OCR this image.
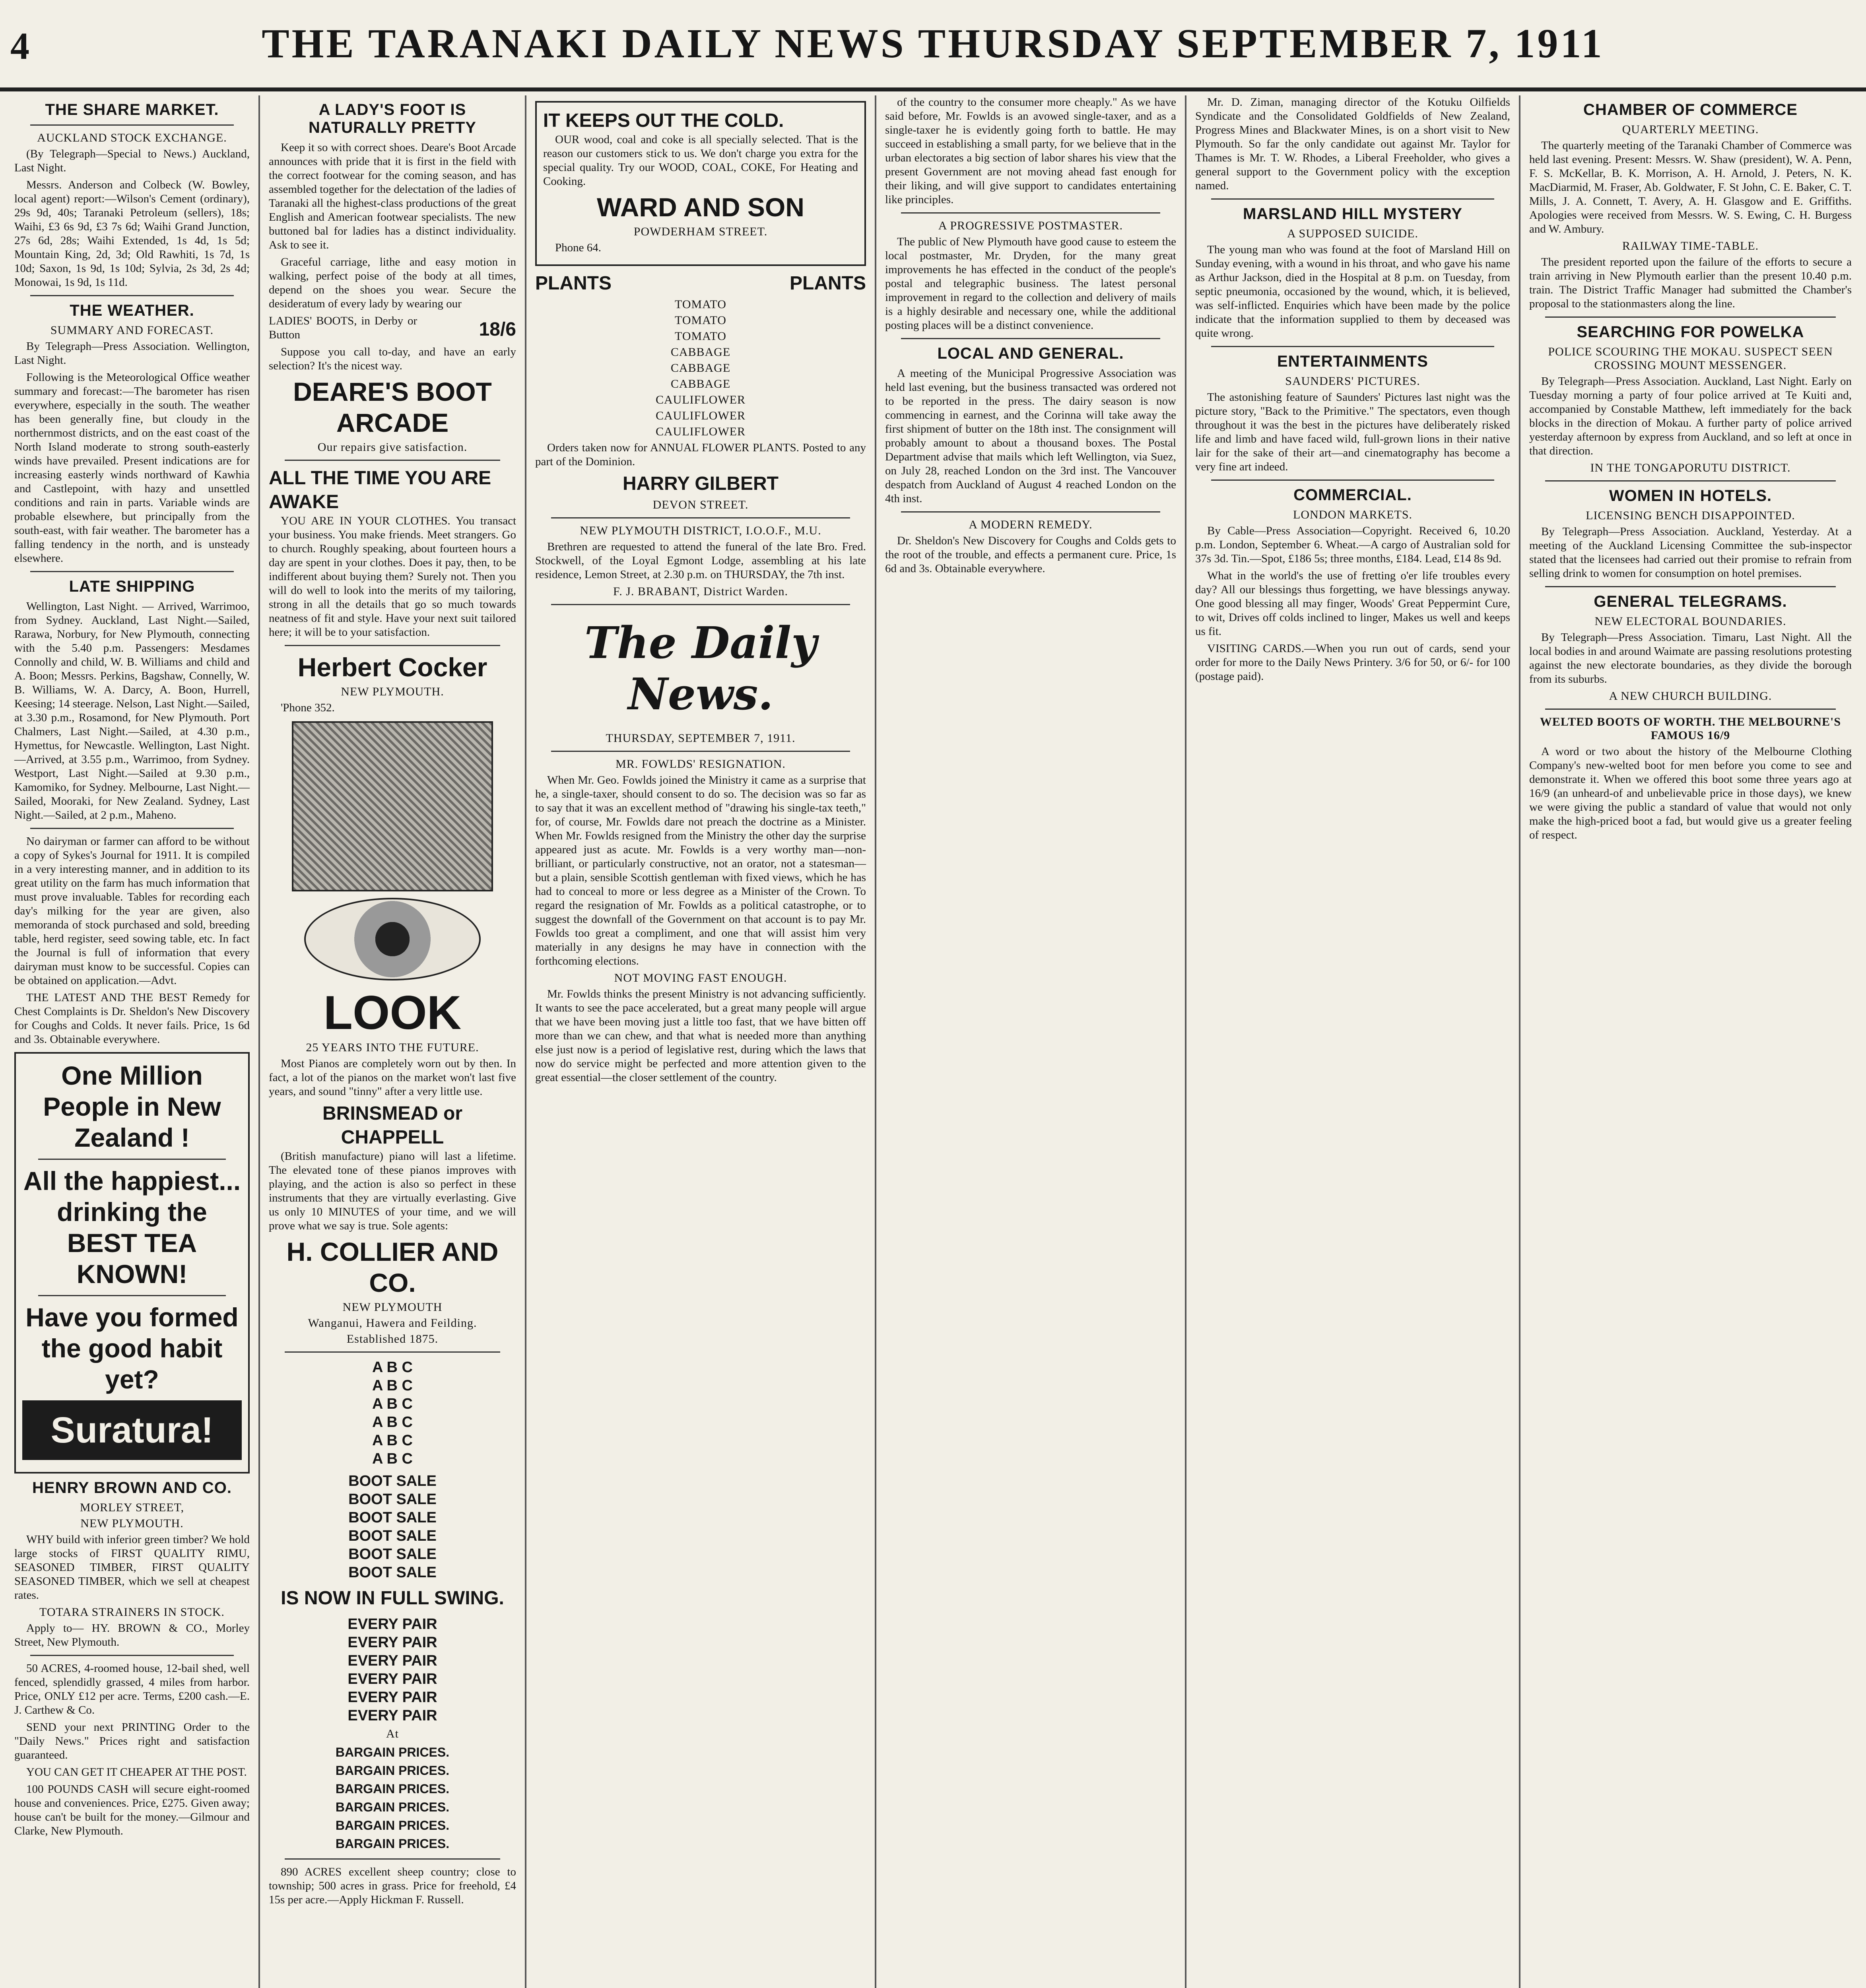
4	THE TARANAKI DAILY NEWS THURSDAY SEPTEMBER 7, 1911
THE SHARE MARKET.
AUCKLAND STOCK EXCHANGE.
(By Telegraph—Special to News.) Auckland, Last Night.
Messrs. Anderson and Colbeck (W. Bowley, local agent) report:—Wilson's Cement (ordinary), 29s 9d, 40s; Taranaki Petroleum (sellers), 18s; Waihi, £3 6s 9d, £3 7s 6d; Waihi Grand Junction, 27s 6d, 28s; Waihi Extended, 1s 4d, 1s 5d; Mountain King, 2d, 3d; Old Rawhiti, 1s 7d, 1s 10d; Saxon, 1s 9d, 1s 10d; Sylvia, 2s 3d, 2s 4d; Monowai, 1s 9d, 1s 11d.
THE WEATHER.
SUMMARY AND FORECAST.
By Telegraph—Press Association. Wellington, Last Night.
Following is the Meteorological Office weather summary and forecast:—The barometer has risen everywhere, especially in the south. The weather has been generally fine, but cloudy in the northernmost districts, and on the east coast of the North Island moderate to strong south-easterly winds have prevailed. Present indications are for increasing easterly winds northward of Kawhia and Castlepoint, with hazy and unsettled conditions and rain in parts. Variable winds are probable elsewhere, but principally from the south-east, with fair weather. The barometer has a falling tendency in the north, and is unsteady elsewhere.
LATE SHIPPING
Wellington, Last Night. — Arrived, Warrimoo, from Sydney. Auckland, Last Night.—Sailed, Rarawa, Norbury, for New Plymouth, connecting with the 5.40 p.m. Passengers: Mesdames Connolly and child, W. B. Williams and child and A. Boon; Messrs. Perkins, Bagshaw, Connelly, W. B. Williams, W. A. Darcy, A. Boon, Hurrell, Keesing; 14 steerage. Nelson, Last Night.—Sailed, at 3.30 p.m., Rosamond, for New Plymouth. Port Chalmers, Last Night.—Sailed, at 4.30 p.m., Hymettus, for Newcastle. Wellington, Last Night.—Arrived, at 3.55 p.m., Warrimoo, from Sydney. Westport, Last Night.—Sailed at 9.30 p.m., Kamomiko, for Sydney. Melbourne, Last Night.—Sailed, Mooraki, for New Zealand. Sydney, Last Night.—Sailed, at 2 p.m., Maheno.
No dairyman or farmer can afford to be without a copy of Sykes's Journal for 1911. It is compiled in a very interesting manner, and in addition to its great utility on the farm has much information that must prove invaluable. Tables for recording each day's milking for the year are given, also memoranda of stock purchased and sold, breeding table, herd register, seed sowing table, etc. In fact the Journal is full of information that every dairyman must know to be successful. Copies can be obtained on application.—Advt.
THE LATEST AND THE BEST Remedy for Chest Complaints is Dr. Sheldon's New Discovery for Coughs and Colds. It never fails. Price, 1s 6d and 3s. Obtainable everywhere.
One Million People in New Zealand !
All the happiest... drinking the BEST TEA KNOWN!
Have you formed the good habit yet?
Suratura!
HENRY BROWN AND CO.
MORLEY STREET,
NEW PLYMOUTH.
WHY build with inferior green timber? We hold large stocks of FIRST QUALITY RIMU, SEASONED TIMBER, FIRST QUALITY SEASONED TIMBER, which we sell at cheapest rates.
TOTARA STRAINERS IN STOCK.
Apply to— HY. BROWN & CO., Morley Street, New Plymouth.
50 ACRES, 4-roomed house, 12-bail shed, well fenced, splendidly grassed, 4 miles from harbor. Price, ONLY £12 per acre. Terms, £200 cash.—E. J. Carthew & Co.
SEND your next PRINTING Order to the "Daily News." Prices right and satisfaction guaranteed.
YOU CAN GET IT CHEAPER AT THE POST.
100 POUNDS CASH will secure eight-roomed house and conveniences. Price, £275. Given away; house can't be built for the money.—Gilmour and Clarke, New Plymouth.
A LADY'S FOOT IS NATURALLY PRETTY
Keep it so with correct shoes. Deare's Boot Arcade announces with pride that it is first in the field with the correct footwear for the coming season, and has assembled together for the delectation of the ladies of Taranaki all the highest-class productions of the great English and American footwear specialists. The new buttoned bal for ladies has a distinct individuality. Ask to see it.
Graceful carriage, lithe and easy motion in walking, perfect poise of the body at all times, depend on the shoes you wear. Secure the desideratum of every lady by wearing our
LADIES' BOOTS, in Derby or Button	18/6
Suppose you call to-day, and have an early selection? It's the nicest way.
DEARE'S BOOT ARCADE
Our repairs give satisfaction.
ALL THE TIME YOU ARE AWAKE
YOU ARE IN YOUR CLOTHES. You transact your business. You make friends. Meet strangers. Go to church. Roughly speaking, about fourteen hours a day are spent in your clothes. Does it pay, then, to be indifferent about buying them? Surely not. Then you will do well to look into the merits of my tailoring, strong in all the details that go so much towards neatness of fit and style. Have your next suit tailored here; it will be to your satisfaction.
Herbert Cocker
NEW PLYMOUTH.
'Phone 352.
LOOK
25 YEARS INTO THE FUTURE.
Most Pianos are completely worn out by then. In fact, a lot of the pianos on the market won't last five years, and sound "tinny" after a very little use.
BRINSMEAD or CHAPPELL
(British manufacture) piano will last a lifetime. The elevated tone of these pianos improves with playing, and the action is also so perfect in these instruments that they are virtually everlasting. Give us only 10 MINUTES of your time, and we will prove what we say is true. Sole agents:
H. COLLIER AND CO.
NEW PLYMOUTH
Wanganui, Hawera and Feilding.
Established 1875.
A B C
A B C
A B C
A B C
A B C
A B C
BOOT SALE
BOOT SALE
BOOT SALE
BOOT SALE
BOOT SALE
BOOT SALE
IS NOW IN FULL SWING.
EVERY PAIR
EVERY PAIR
EVERY PAIR
EVERY PAIR
EVERY PAIR
EVERY PAIR
At
BARGAIN PRICES.
BARGAIN PRICES.
BARGAIN PRICES.
BARGAIN PRICES.
BARGAIN PRICES.
BARGAIN PRICES.
890 ACRES excellent sheep country; close to township; 500 acres in grass. Price for freehold, £4 15s per acre.—Apply Hickman F. Russell.
IT KEEPS OUT THE COLD.
OUR wood, coal and coke is all specially selected. That is the reason our customers stick to us. We don't charge you extra for the special quality. Try our WOOD, COAL, COKE, For Heating and Cooking.
WARD AND SON
POWDERHAM STREET.
Phone 64.
PLANTS	PLANTS
TOMATO
TOMATO
TOMATO
CABBAGE
CABBAGE
CABBAGE
CAULIFLOWER
CAULIFLOWER
CAULIFLOWER
Orders taken now for ANNUAL FLOWER PLANTS. Posted to any part of the Dominion.
HARRY GILBERT
DEVON STREET.
NEW PLYMOUTH DISTRICT, I.O.O.F., M.U.
Brethren are requested to attend the funeral of the late Bro. Fred. Stockwell, of the Loyal Egmont Lodge, assembling at his late residence, Lemon Street, at 2.30 p.m. on THURSDAY, the 7th inst.
F. J. BRABANT, District Warden.
The Daily News.
THURSDAY, SEPTEMBER 7, 1911.
MR. FOWLDS' RESIGNATION.
When Mr. Geo. Fowlds joined the Ministry it came as a surprise that he, a single-taxer, should consent to do so. The decision was so far as to say that it was an excellent method of "drawing his single-tax teeth," for, of course, Mr. Fowlds dare not preach the doctrine as a Minister. When Mr. Fowlds resigned from the Ministry the other day the surprise appeared just as acute. Mr. Fowlds is a very worthy man—non-brilliant, or particularly constructive, not an orator, not a statesman—but a plain, sensible Scottish gentleman with fixed views, which he has had to conceal to more or less degree as a Minister of the Crown. To regard the resignation of Mr. Fowlds as a political catastrophe, or to suggest the downfall of the Government on that account is to pay Mr. Fowlds too great a compliment, and one that will assist him very materially in any designs he may have in connection with the forthcoming elections.
NOT MOVING FAST ENOUGH.
Mr. Fowlds thinks the present Ministry is not advancing sufficiently. It wants to see the pace accelerated, but a great many people will argue that we have been moving just a little too fast, that we have bitten off more than we can chew, and that what is needed more than anything else just now is a period of legislative rest, during which the laws that now do service might be perfected and more attention given to the great essential—the closer settlement of the country.
of the country to the consumer more cheaply." As we have said before, Mr. Fowlds is an avowed single-taxer, and as a single-taxer he is evidently going forth to battle. He may succeed in establishing a small party, for we believe that in the urban electorates a big section of labor shares his view that the present Government are not moving ahead fast enough for their liking, and will give support to candidates entertaining like principles.
A PROGRESSIVE POSTMASTER.
The public of New Plymouth have good cause to esteem the local postmaster, Mr. Dryden, for the many great improvements he has effected in the conduct of the people's postal and telegraphic business. The latest personal improvement in regard to the collection and delivery of mails is a highly desirable and necessary one, while the additional posting places will be a distinct convenience.
LOCAL AND GENERAL.
A meeting of the Municipal Progressive Association was held last evening, but the business transacted was ordered not to be reported in the press. The dairy season is now commencing in earnest, and the Corinna will take away the first shipment of butter on the 18th inst. The consignment will probably amount to about a thousand boxes. The Postal Department advise that mails which left Wellington, via Suez, on July 28, reached London on the 3rd inst. The Vancouver despatch from Auckland of August 4 reached London on the 4th inst.
A MODERN REMEDY.
Dr. Sheldon's New Discovery for Coughs and Colds gets to the root of the trouble, and effects a permanent cure. Price, 1s 6d and 3s. Obtainable everywhere.
Mr. D. Ziman, managing director of the Kotuku Oilfields Syndicate and the Consolidated Goldfields of New Zealand, Progress Mines and Blackwater Mines, is on a short visit to New Plymouth. So far the only candidate out against Mr. Taylor for Thames is Mr. T. W. Rhodes, a Liberal Freeholder, who gives a general support to the Government policy with the exception named.
MARSLAND HILL MYSTERY
A SUPPOSED SUICIDE.
The young man who was found at the foot of Marsland Hill on Sunday evening, with a wound in his throat, and who gave his name as Arthur Jackson, died in the Hospital at 8 p.m. on Tuesday, from septic pneumonia, occasioned by the wound, which, it is believed, was self-inflicted. Enquiries which have been made by the police indicate that the information supplied to them by deceased was quite wrong.
ENTERTAINMENTS
SAUNDERS' PICTURES.
The astonishing feature of Saunders' Pictures last night was the picture story, "Back to the Primitive." The spectators, even though throughout it was the best in the pictures have deliberately risked life and limb and have faced wild, full-grown lions in their native lair for the sake of their art—and cinematography has become a very fine art indeed.
COMMERCIAL.
LONDON MARKETS.
By Cable—Press Association—Copyright. Received 6, 10.20 p.m. London, September 6. Wheat.—A cargo of Australian sold for 37s 3d. Tin.—Spot, £186 5s; three months, £184. Lead, £14 8s 9d.
What in the world's the use of fretting o'er life troubles every day? All our blessings thus forgetting, we have blessings anyway. One good blessing all may finger, Woods' Great Peppermint Cure, to wit, Drives off colds inclined to linger, Makes us well and keeps us fit.
VISITING CARDS.—When you run out of cards, send your order for more to the Daily News Printery. 3/6 for 50, or 6/- for 100 (postage paid).
CHAMBER OF COMMERCE
QUARTERLY MEETING.
The quarterly meeting of the Taranaki Chamber of Commerce was held last evening. Present: Messrs. W. Shaw (president), W. A. Penn, F. S. McKellar, B. K. Morrison, A. H. Arnold, J. Peters, N. K. MacDiarmid, M. Fraser, Ab. Goldwater, F. St John, C. E. Baker, C. T. Mills, J. A. Connett, T. Avery, A. H. Glasgow and E. Griffiths. Apologies were received from Messrs. W. S. Ewing, C. H. Burgess and W. Ambury.
RAILWAY TIME-TABLE.
The president reported upon the failure of the efforts to secure a train arriving in New Plymouth earlier than the present 10.40 p.m. train. The District Traffic Manager had submitted the Chamber's proposal to the stationmasters along the line.
SEARCHING FOR POWELKA
POLICE SCOURING THE MOKAU. SUSPECT SEEN CROSSING MOUNT MESSENGER.
By Telegraph—Press Association. Auckland, Last Night. Early on Tuesday morning a party of four police arrived at Te Kuiti and, accompanied by Constable Matthew, left immediately for the back blocks in the direction of Mokau. A further party of police arrived yesterday afternoon by express from Auckland, and so left at once in that direction.
IN THE TONGAPORUTU DISTRICT.
WOMEN IN HOTELS.
LICENSING BENCH DISAPPOINTED.
By Telegraph—Press Association. Auckland, Yesterday. At a meeting of the Auckland Licensing Committee the sub-inspector stated that the licensees had carried out their promise to refrain from selling drink to women for consumption on hotel premises.
GENERAL TELEGRAMS.
NEW ELECTORAL BOUNDARIES.
By Telegraph—Press Association. Timaru, Last Night. All the local bodies in and around Waimate are passing resolutions protesting against the new electorate boundaries, as they divide the borough from its suburbs.
A NEW CHURCH BUILDING.
WELTED BOOTS OF WORTH. THE MELBOURNE'S FAMOUS 16/9
A word or two about the history of the Melbourne Clothing Company's new-welted boot for men before you come to see and demonstrate it. When we offered this boot some three years ago at 16/9 (an unheard-of and unbelievable price in those days), we knew we were giving the public a standard of value that would not only make the high-priced boot a fad, but would give us a greater feeling of respect.
